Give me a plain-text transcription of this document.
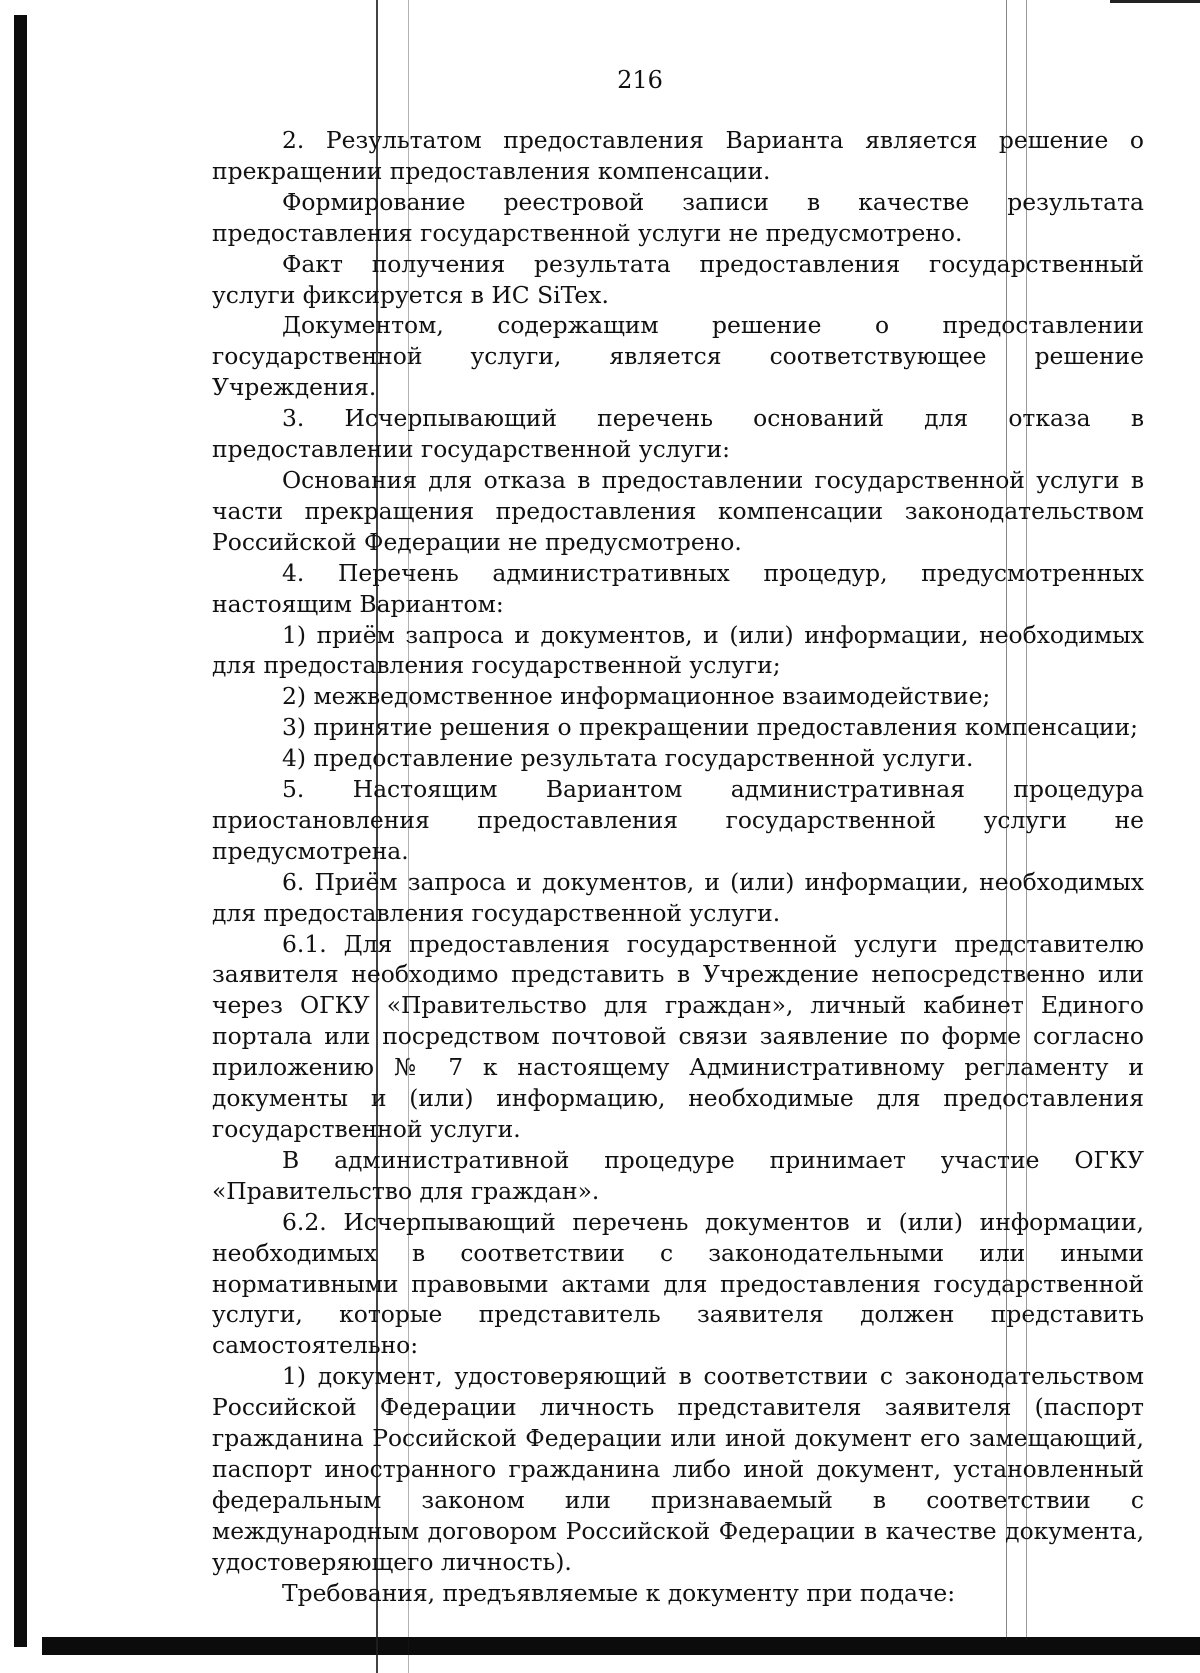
216

2. Результатом предоставления Варианта является решение о прекращении предоставления компенсации.

Формирование реестровой записи в качестве результата предоставления государственной услуги не предусмотрено.

Факт получения результата предоставления государственный услуги фиксируется в ИС SiTex.

Документом, содержащим решение о предоставлении государственной услуги, является соответствующее решение Учреждения.

3. Исчерпывающий перечень оснований для отказа в предоставлении государственной услуги:

Основания для отказа в предоставлении государственной услуги в части прекращения предоставления компенсации законодательством Российской Федерации не предусмотрено.

4. Перечень административных процедур, предусмотренных настоящим Вариантом:

1) приём запроса и документов, и (или) информации, необходимых для предоставления государственной услуги;

2) межведомственное информационное взаимодействие;

3) принятие решения о прекращении предоставления компенсации;

4) предоставление результата государственной услуги.

5. Настоящим Вариантом административная процедура приостановления предоставления государственной услуги не предусмотрена.

6. Приём запроса и документов, и (или) информации, необходимых для предоставления государственной услуги.

6.1. Для предоставления государственной услуги представителю заявителя необходимо представить в Учреждение непосредственно или через ОГКУ «Правительство для граждан», личный кабинет Единого портала или посредством почтовой связи заявление по форме согласно приложению № 7 к настоящему Административному регламенту и документы и (или) информацию, необходимые для предоставления государственной услуги.

В административной процедуре принимает участие ОГКУ «Правительство для граждан».

6.2. Исчерпывающий перечень документов и (или) информации, необходимых в соответствии с законодательными или иными нормативными правовыми актами для предоставления государственной услуги, которые представитель заявителя должен представить самостоятельно:

1) документ, удостоверяющий в соответствии с законодательством Российской Федерации личность представителя заявителя (паспорт гражданина Российской Федерации или иной документ его замещающий, паспорт иностранного гражданина либо иной документ, установленный федеральным законом или признаваемый в соответствии с международным договором Российской Федерации в качестве документа, удостоверяющего личность).

Требования, предъявляемые к документу при подаче:
